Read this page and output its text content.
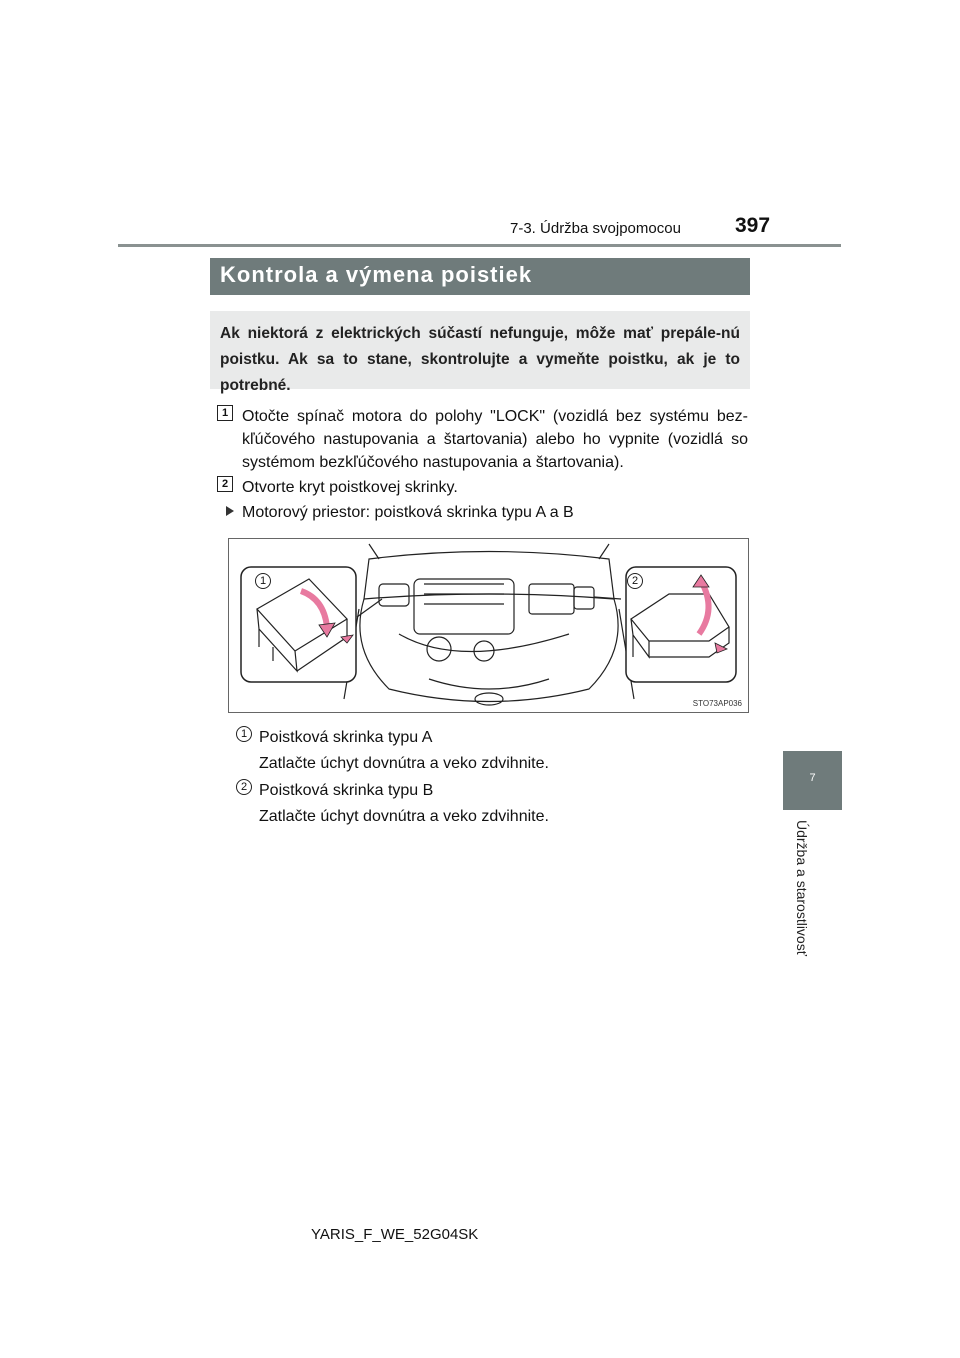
7-3. Údržba svojpomocou	397
Kontrola a výmena poistiek
Ak niektorá z elektrických súčastí nefunguje, môže mať prepále-nú poistku. Ak sa to stane, skontrolujte a vymeňte poistku, ak je to potrebné.
1 Otočte spínač motora do polohy "LOCK" (vozidlá bez systému bez-kľúčového nastupovania a štartovania) alebo ho vypnite (vozidlá so systémom bezkľúčového nastupovania a štartovania).
2 Otvorte kryt poistkovej skrinky.
Motorový priestor: poistková skrinka typu A a B
1	2
STO73AP036
1 Poistková skrinka typu A
Zatlačte úchyt dovnútra a veko zdvihnite.
2 Poistková skrinka typu B
Zatlačte úchyt dovnútra a veko zdvihnite.
7
Údržba a starostlivosť
YARIS_F_WE_52G04SK
